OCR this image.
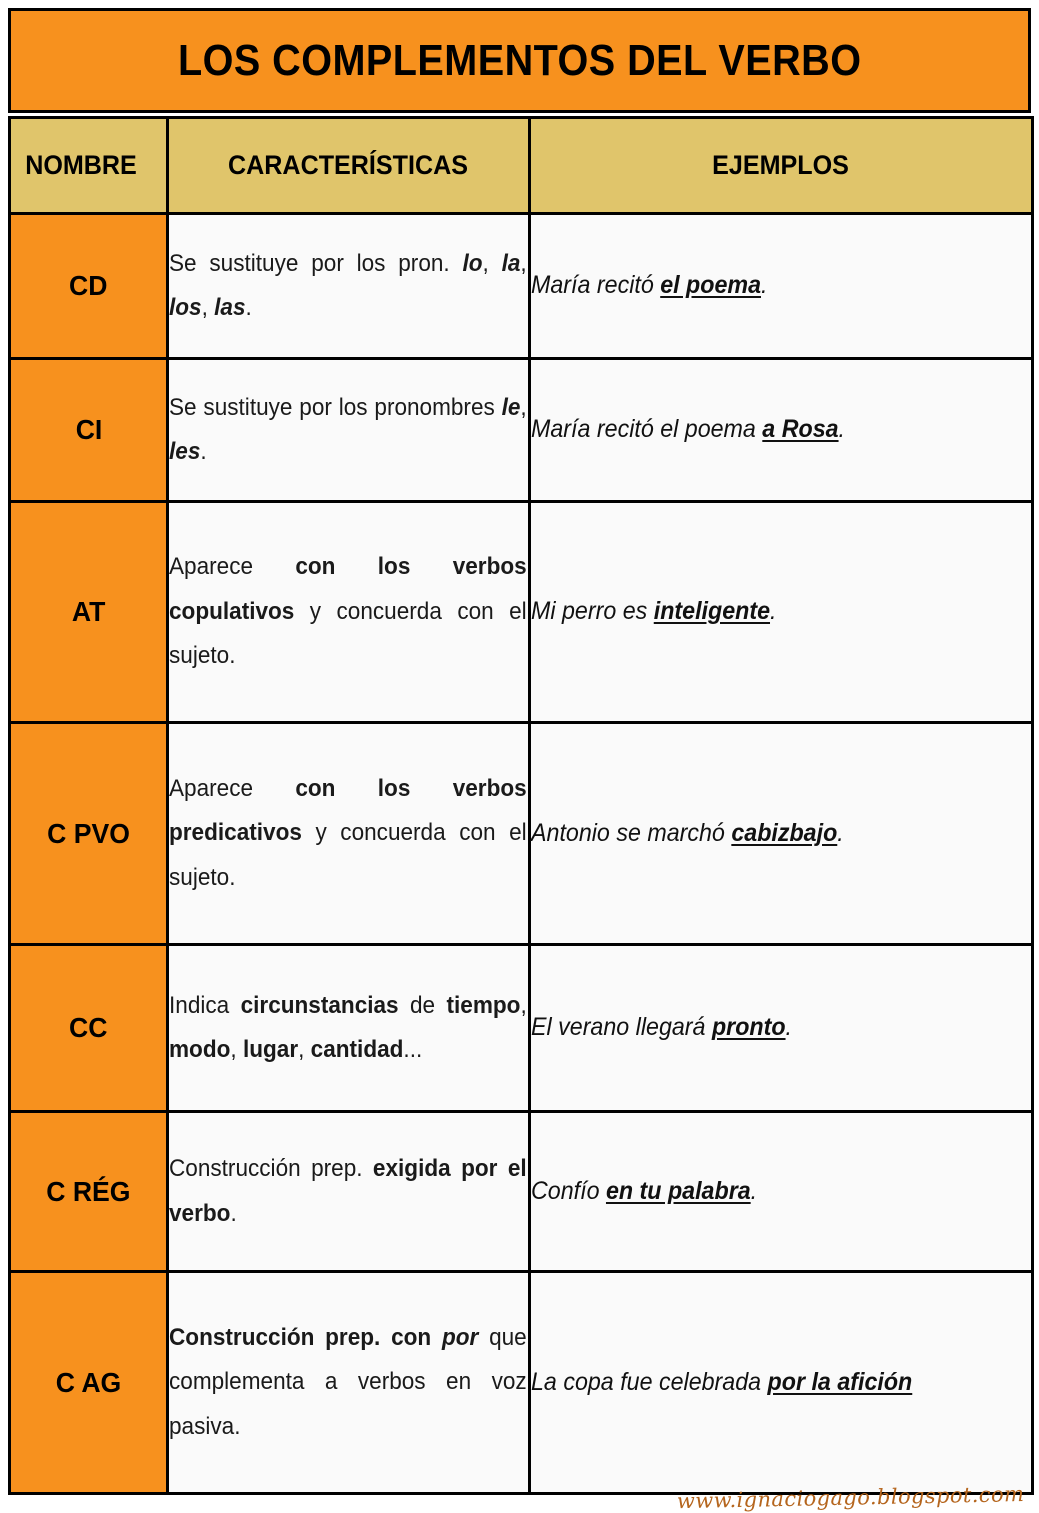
LOS COMPLEMENTOS DEL VERBO
NOMBRE	CARACTERÍSTICAS	EJEMPLOS
CD	Se sustituye por los pron. lo, la, los, las.	María recitó el poema.

CI	Se sustituye por los pronombres le, les.	María recitó el poema a Rosa.

AT	Aparece con los verbos copulativos y concuerda con el sujeto.	Mi perro es inteligente.

C PVO	Aparece con los verbos predicativos y concuerda con el sujeto.	Antonio se marchó cabizbajo.

CC	Indica circunstancias de tiempo, modo, lugar, cantidad...	El verano llegará pronto.

C RÉG	Construcción prep. exigida por el verbo.	Confío en tu palabra.

C AG	Construcción prep. con por que complementa a verbos en voz pasiva.	La copa fue celebrada por la afición
www.ignaciogago.blogspot.com
